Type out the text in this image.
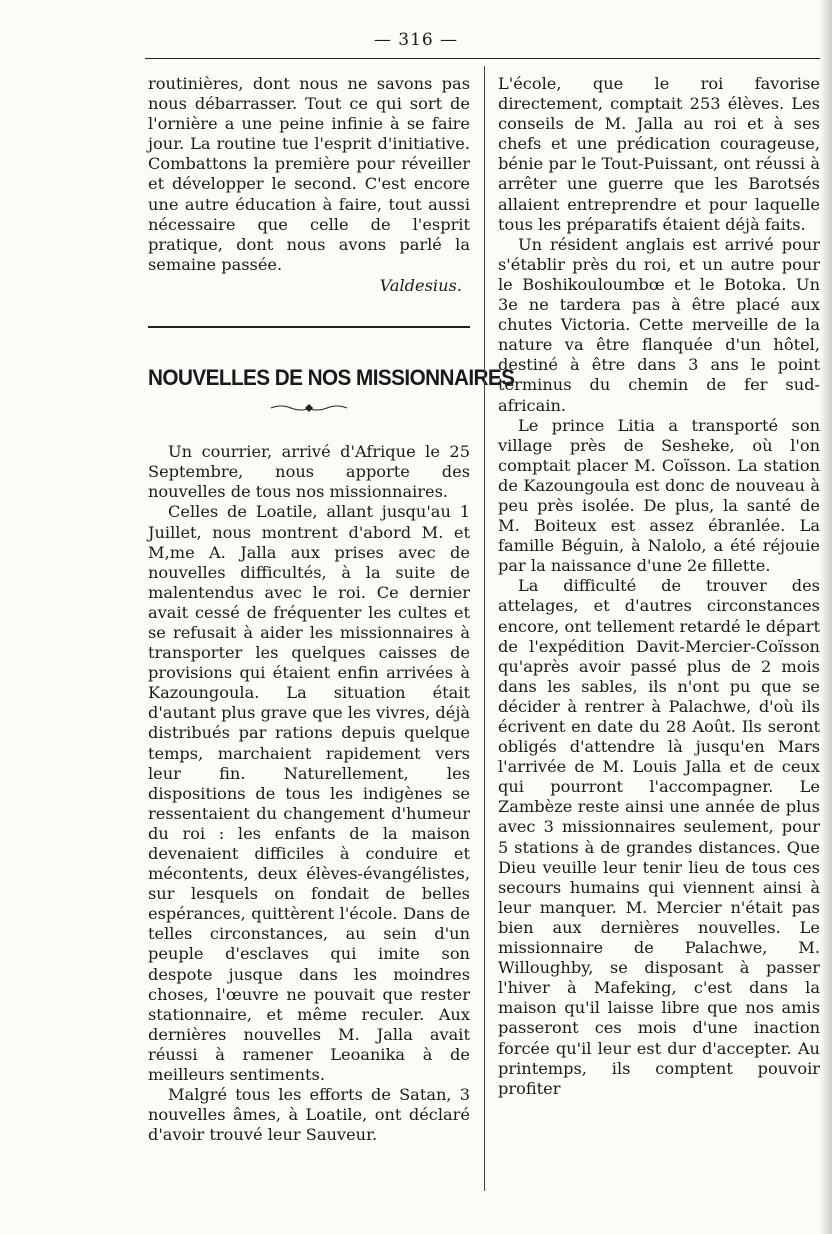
— 316 —

routinières, dont nous ne savons pas nous débarrasser. Tout ce qui sort de l'ornière a une peine infinie à se faire jour. La routine tue l'esprit d'initiative. Combattons la première pour réveiller et développer le second. C'est encore une autre éducation à faire, tout aussi nécessaire que celle de l'esprit pratique, dont nous avons parlé la semaine passée.

Valdesius.
NOUVELLES DE NOS MISSIONNAIRES

Un courrier, arrivé d'Afrique le 25 Septembre, nous apporte des nouvelles de tous nos missionnaires.

Celles de Loatile, allant jusqu'au 1 Juillet, nous montrent d'abord M. et M,me A. Jalla aux prises avec de nouvelles difficultés, à la suite de malentendus avec le roi. Ce dernier avait cessé de fréquenter les cultes et se refusait à aider les missionnaires à transporter les quelques caisses de provisions qui étaient enfin arrivées à Kazoungoula. La situation était d'autant plus grave que les vivres, déjà distribués par rations depuis quelque temps, marchaient rapidement vers leur fin. Naturellement, les dispositions de tous les indigènes se ressentaient du changement d'humeur du roi : les enfants de la maison devenaient difficiles à conduire et mécontents, deux élèves-évangélistes, sur lesquels on fondait de belles espérances, quittèrent l'école. Dans de telles circonstances, au sein d'un peuple d'esclaves qui imite son despote jusque dans les moindres choses, l'œuvre ne pouvait que rester stationnaire, et même reculer. Aux dernières nouvelles M. Jalla avait réussi à ramener Leoanika à de meilleurs sentiments.

Malgré tous les efforts de Satan, 3 nouvelles âmes, à Loatile, ont déclaré d'avoir trouvé leur Sauveur.

L'école, que le roi favorise directement, comptait 253 élèves. Les conseils de M. Jalla au roi et à ses chefs et une prédication courageuse, bénie par le Tout-Puissant, ont réussi à arrêter une guerre que les Barotsés allaient entreprendre et pour laquelle tous les préparatifs étaient déjà faits.

Un résident anglais est arrivé pour s'établir près du roi, et un autre pour le Boshikouloumbœ et le Botoka. Un 3e ne tardera pas à être placé aux chutes Victoria. Cette merveille de la nature va être flanquée d'un hôtel, destiné à être dans 3 ans le point terminus du chemin de fer sud-africain.

Le prince Litia a transporté son village près de Sesheke, où l'on comptait placer M. Coïsson. La station de Kazoungoula est donc de nouveau à peu près isolée. De plus, la santé de M. Boiteux est assez ébranlée. La famille Béguin, à Nalolo, a été réjouie par la naissance d'une 2e fillette.

La difficulté de trouver des attelages, et d'autres circonstances encore, ont tellement retardé le départ de l'expédition Davit-Mercier-Coïsson qu'après avoir passé plus de 2 mois dans les sables, ils n'ont pu que se décider à rentrer à Palachwe, d'où ils écrivent en date du 28 Août. Ils seront obligés d'attendre là jusqu'en Mars l'arrivée de M. Louis Jalla et de ceux qui pourront l'accompagner. Le Zambèze reste ainsi une année de plus avec 3 missionnaires seulement, pour 5 stations à de grandes distances. Que Dieu veuille leur tenir lieu de tous ces secours humains qui viennent ainsi à leur manquer. M. Mercier n'était pas bien aux dernières nouvelles. Le missionnaire de Palachwe, M. Willoughby, se disposant à passer l'hiver à Mafeking, c'est dans la maison qu'il laisse libre que nos amis passeront ces mois d'une inaction forcée qu'il leur est dur d'accepter. Au printemps, ils comptent pouvoir profiter
